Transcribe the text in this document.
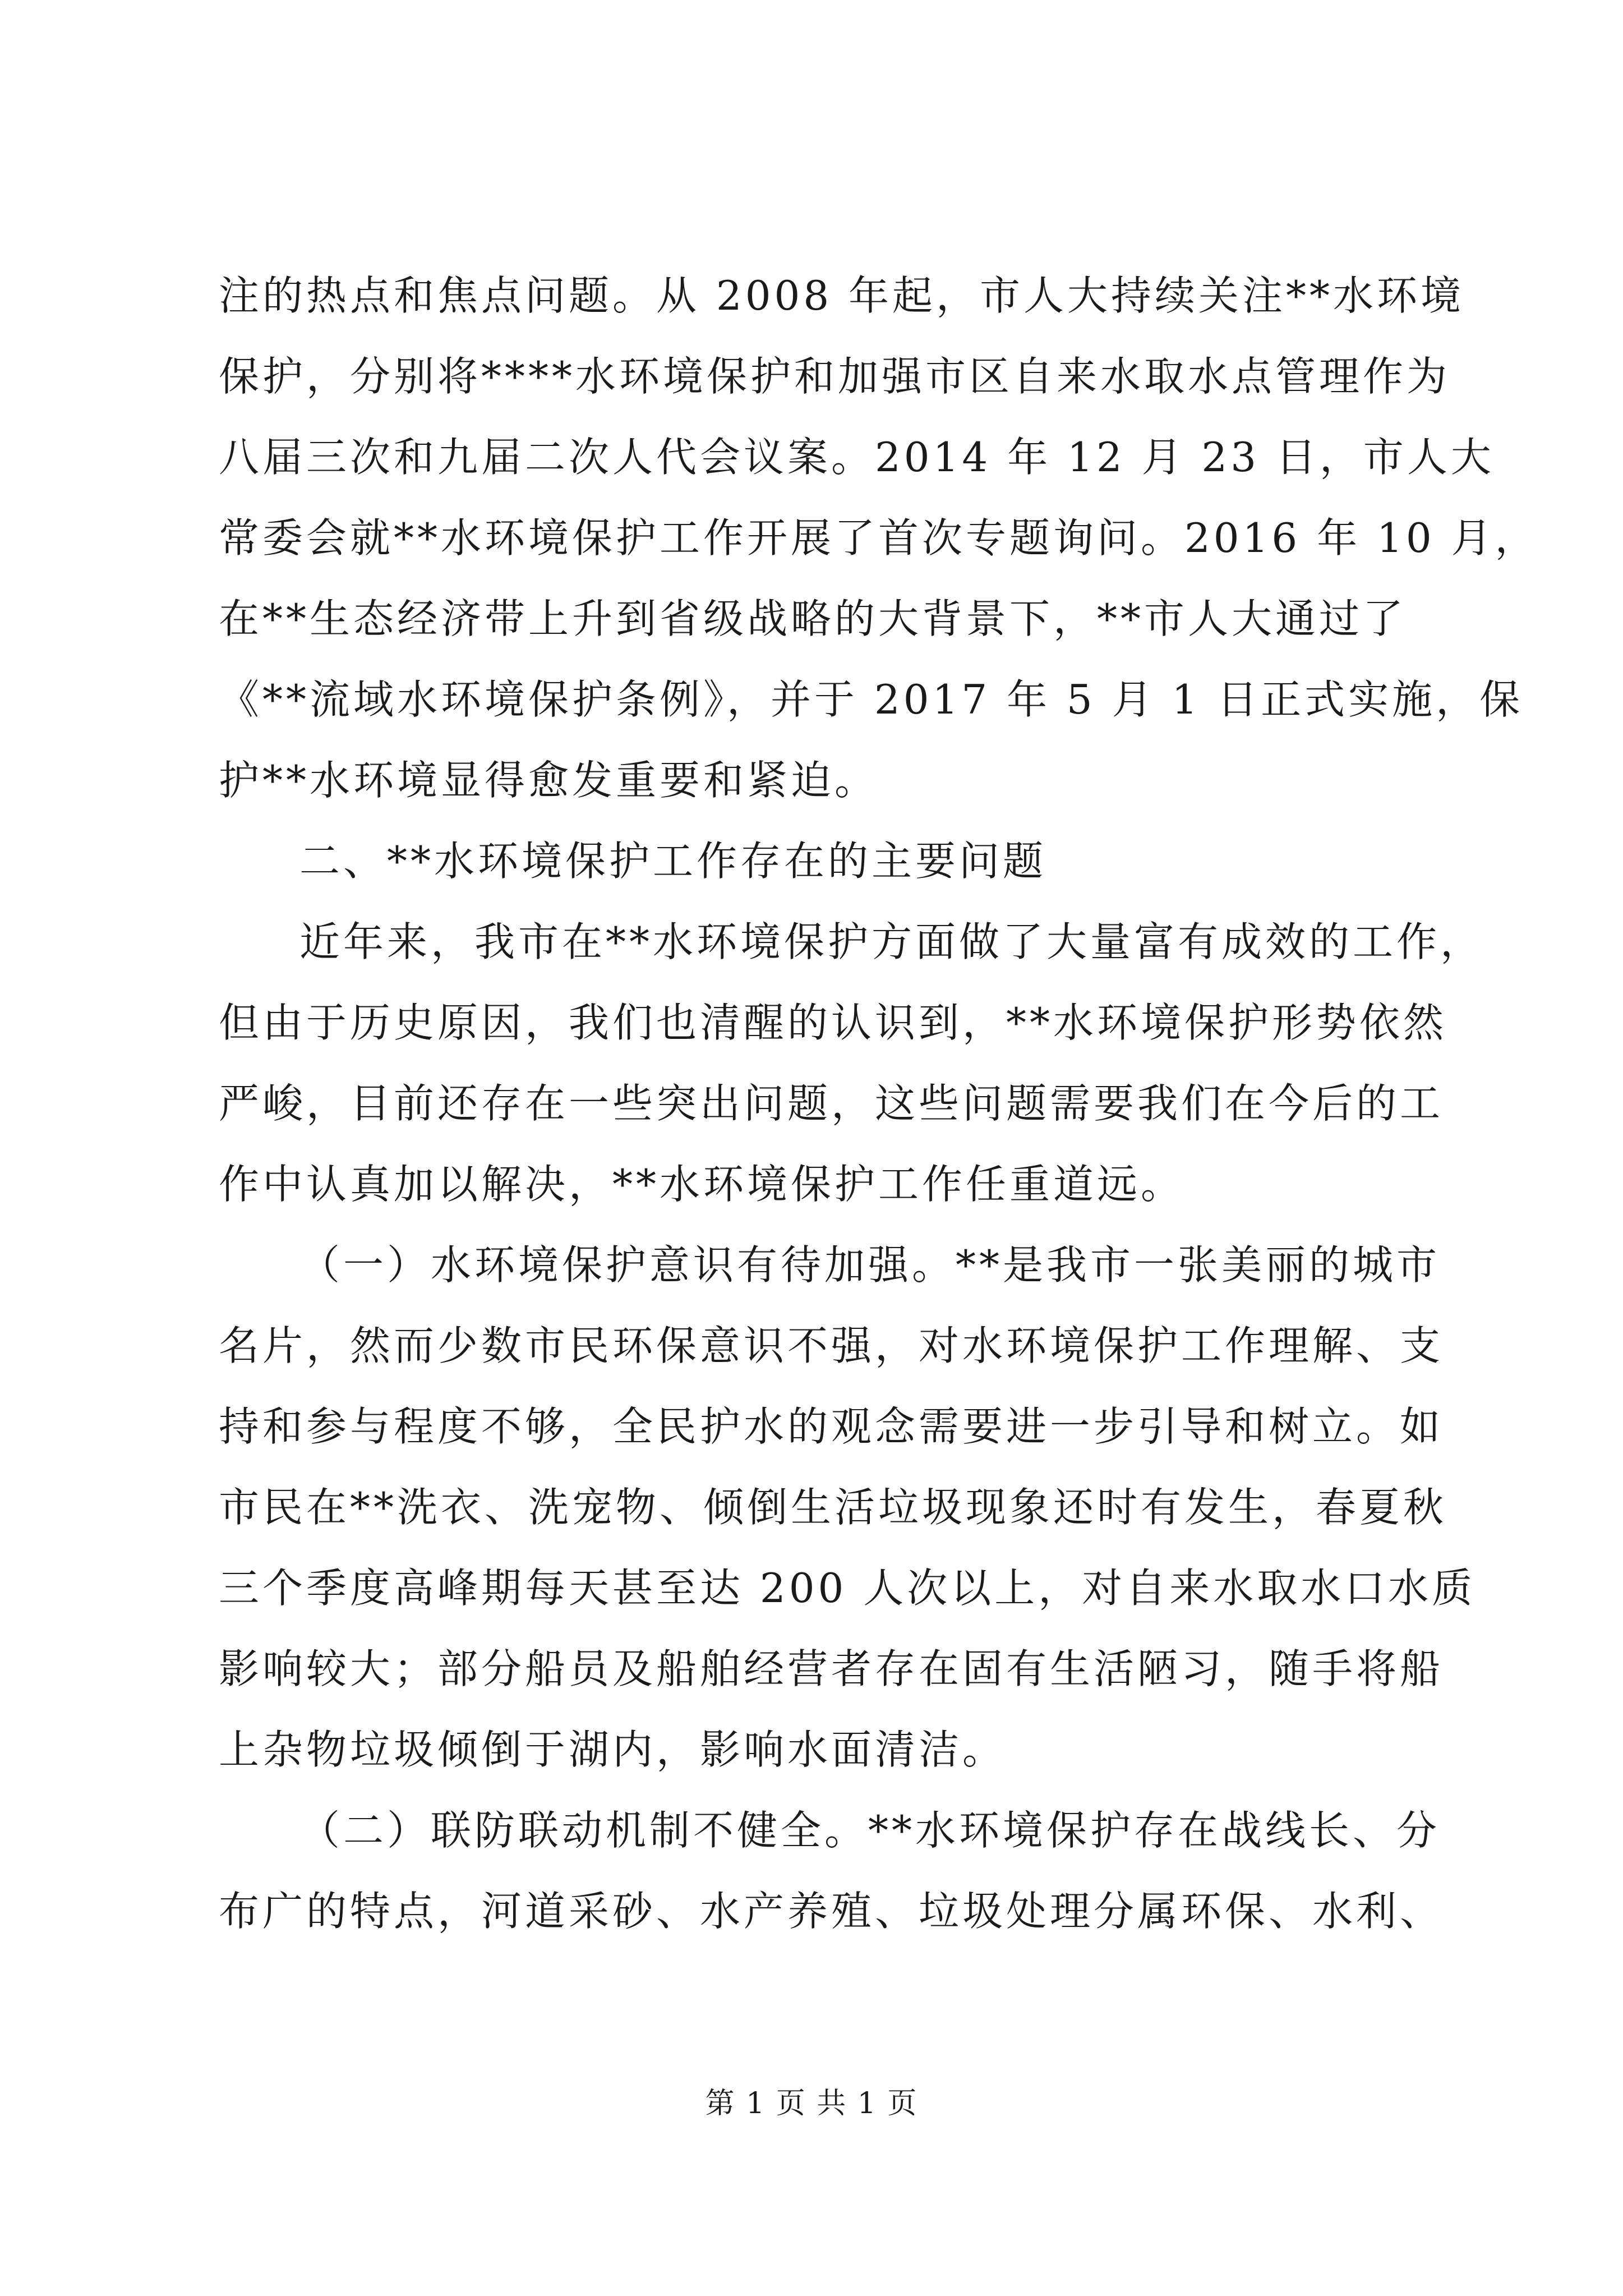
注的热点和焦点问题。从 2008 年起，市人大持续关注**水环境
保护，分别将****水环境保护和加强市区自来水取水点管理作为
八届三次和九届二次人代会议案。2014 年 12 月 23 日，市人大
常委会就**水环境保护工作开展了首次专题询问。2016 年 10 月，
在**生态经济带上升到省级战略的大背景下，**市人大通过了
《**流域水环境保护条例》，并于 2017 年 5 月 1 日正式实施，保
护**水环境显得愈发重要和紧迫。
二、**水环境保护工作存在的主要问题
近年来，我市在**水环境保护方面做了大量富有成效的工作，
但由于历史原因，我们也清醒的认识到，**水环境保护形势依然
严峻，目前还存在一些突出问题，这些问题需要我们在今后的工
作中认真加以解决，**水环境保护工作任重道远。
（一）水环境保护意识有待加强。**是我市一张美丽的城市
名片，然而少数市民环保意识不强，对水环境保护工作理解、支
持和参与程度不够，全民护水的观念需要进一步引导和树立。如
市民在**洗衣、洗宠物、倾倒生活垃圾现象还时有发生，春夏秋
三个季度高峰期每天甚至达 200 人次以上，对自来水取水口水质
影响较大；部分船员及船舶经营者存在固有生活陋习，随手将船
上杂物垃圾倾倒于湖内，影响水面清洁。
（二）联防联动机制不健全。**水环境保护存在战线长、分
布广的特点，河道采砂、水产养殖、垃圾处理分属环保、水利、
第 1 页 共 1 页
